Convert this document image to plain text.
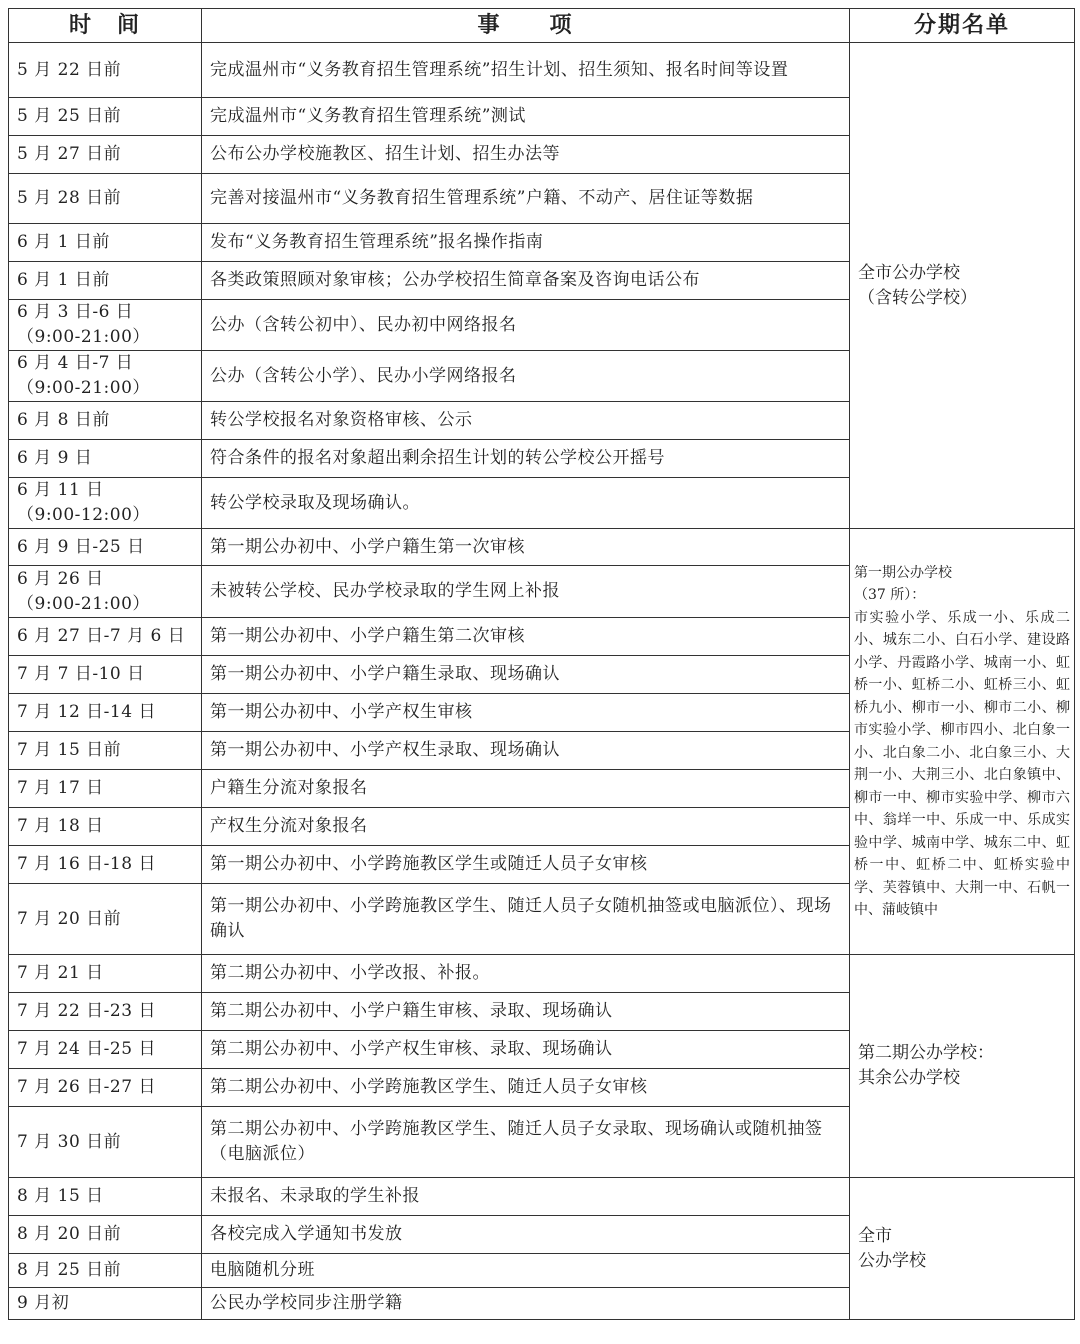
时　间	事　　项	分期名单

5 月 22 日前	完成温州市“义务教育招生管理系统”招生计划、招生须知、报名时间等设置	全市公办学校
（含转公学校）

5 月 25 日前	完成温州市“义务教育招生管理系统”测试	

5 月 27 日前	公布公办学校施教区、招生计划、招生办法等	

5 月 28 日前	完善对接温州市“义务教育招生管理系统”户籍、不动产、居住证等数据	

6 月 1 日前	发布“义务教育招生管理系统”报名操作指南	

6 月 1 日前	各类政策照顾对象审核；公办学校招生简章备案及咨询电话公布	

6 月 3 日-6 日
（9:00-21:00）	公办（含转公初中）、民办初中网络报名	

6 月 4 日-7 日
（9:00-21:00）	公办（含转公小学）、民办小学网络报名	

6 月 8 日前	转公学校报名对象资格审核、公示	

6 月 9 日	符合条件的报名对象超出剩余招生计划的转公学校公开摇号	

6 月 11 日
（9:00-12:00）	转公学校录取及现场确认。	

6 月 9 日-25 日	第一期公办初中、小学户籍生第一次审核	第一期公办学校
（37 所）：
市实验小学、乐成一小、乐成二小、城东二小、白石小学、建设路小学、丹霞路小学、城南一小、虹桥一小、虹桥二小、虹桥三小、虹桥九小、柳市一小、柳市二小、柳市实验小学、柳市四小、北白象一小、北白象二小、北白象三小、大荆一小、大荆三小、北白象镇中、柳市一中、柳市实验中学、柳市六中、翁垟一中、乐成一中、乐成实验中学、城南中学、城东二中、虹桥一中、虹桥二中、虹桥实验中学、芙蓉镇中、大荆一中、石帆一中、蒲岐镇中

6 月 26 日
（9:00-21:00）	未被转公学校、民办学校录取的学生网上补报	

6 月 27 日-7 月 6 日	第一期公办初中、小学户籍生第二次审核	

7 月 7 日-10 日	第一期公办初中、小学户籍生录取、现场确认	

7 月 12 日-14 日	第一期公办初中、小学产权生审核	

7 月 15 日前	第一期公办初中、小学产权生录取、现场确认	

7 月 17 日	户籍生分流对象报名	

7 月 18 日	产权生分流对象报名	

7 月 16 日-18 日	第一期公办初中、小学跨施教区学生或随迁人员子女审核	

7 月 20 日前	第一期公办初中、小学跨施教区学生、随迁人员子女随机抽签或电脑派位）、现场确认	

7 月 21 日	第二期公办初中、小学改报、补报。	第二期公办学校：
其余公办学校

7 月 22 日-23 日	第二期公办初中、小学户籍生审核、录取、现场确认	

7 月 24 日-25 日	第二期公办初中、小学产权生审核、录取、现场确认	

7 月 26 日-27 日	第二期公办初中、小学跨施教区学生、随迁人员子女审核	

7 月 30 日前	第二期公办初中、小学跨施教区学生、随迁人员子女录取、现场确认或随机抽签（电脑派位）	

8 月 15 日	未报名、未录取的学生补报	全市
公办学校

8 月 20 日前	各校完成入学通知书发放	

8 月 25 日前	电脑随机分班	

9 月初	公民办学校同步注册学籍	
